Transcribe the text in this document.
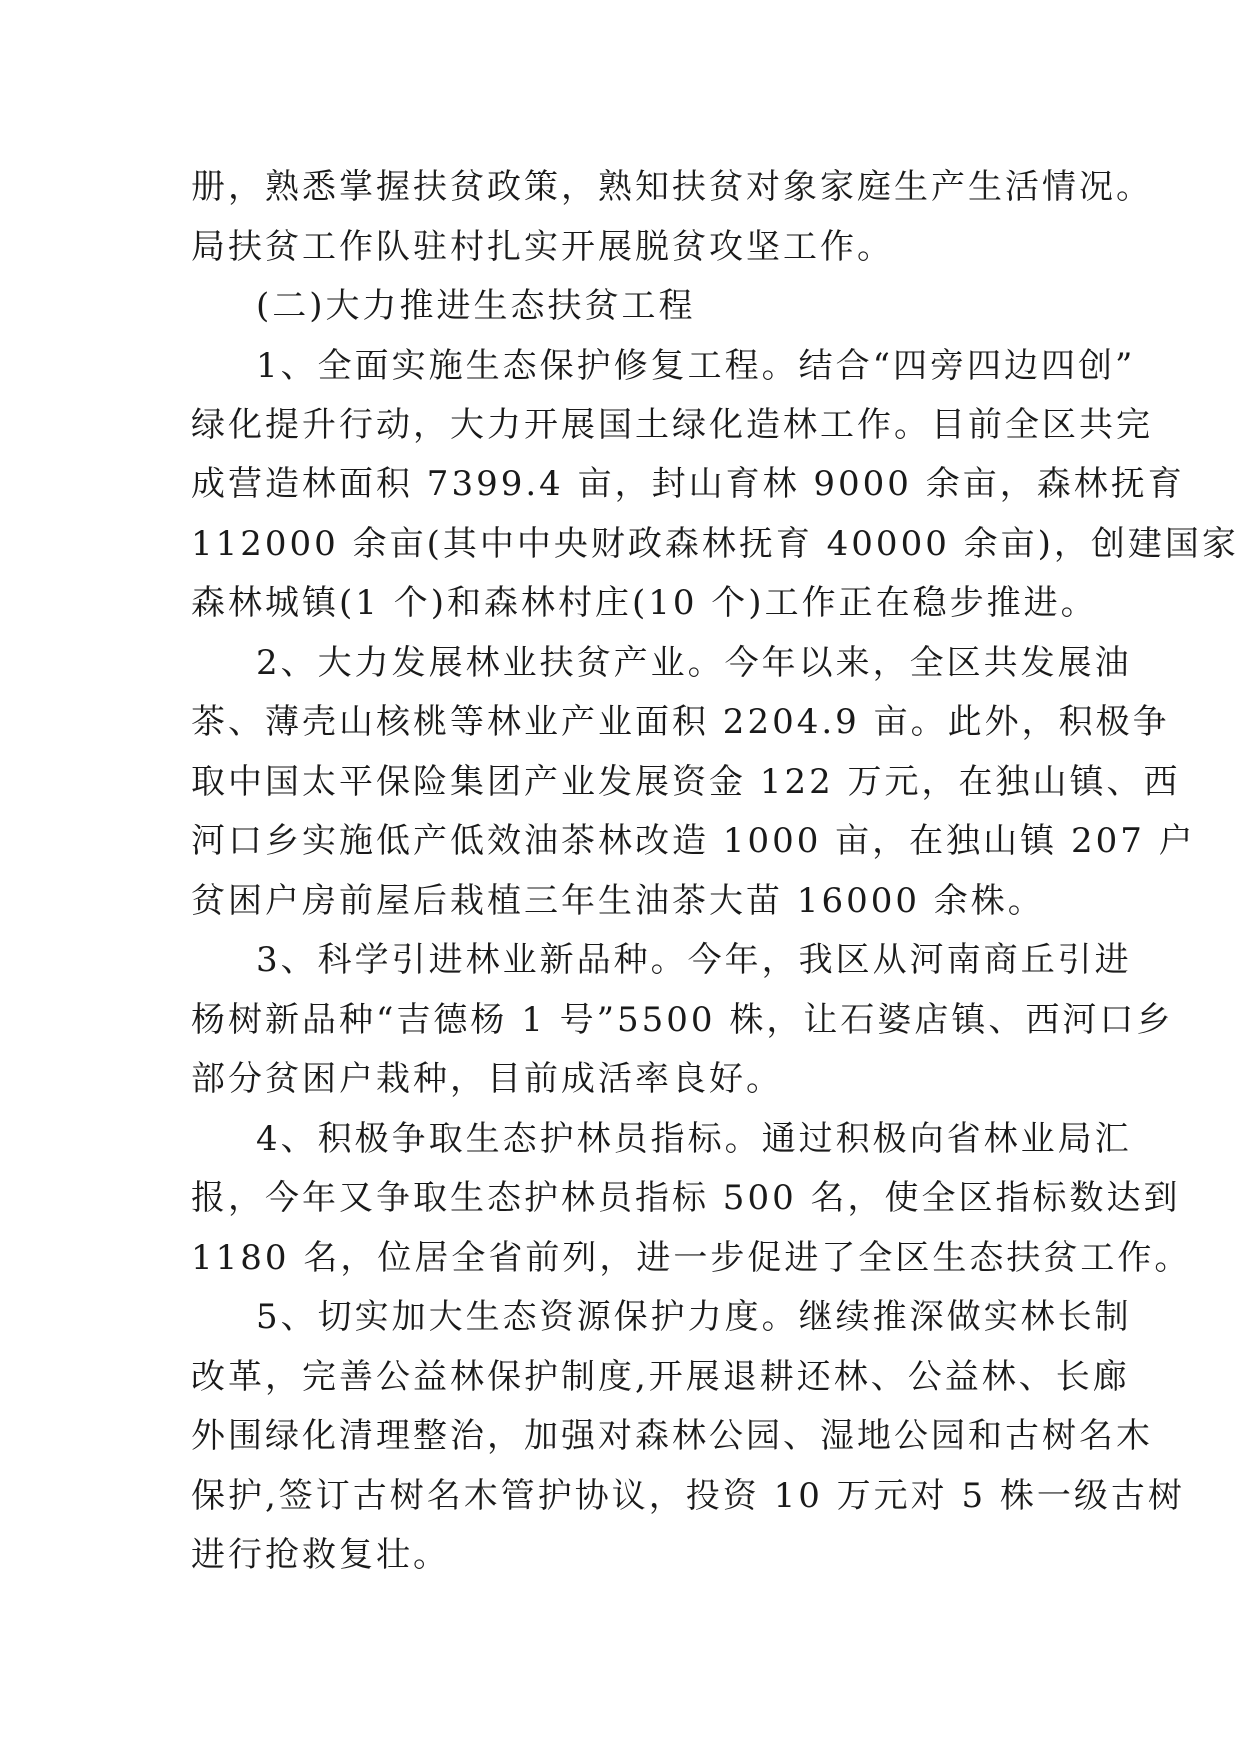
册，熟悉掌握扶贫政策，熟知扶贫对象家庭生产生活情况。
局扶贫工作队驻村扎实开展脱贫攻坚工作。
(二)大力推进生态扶贫工程
1、全面实施生态保护修复工程。结合“四旁四边四创”
绿化提升行动，大力开展国土绿化造林工作。目前全区共完
成营造林面积 7399.4 亩，封山育林 9000 余亩，森林抚育
112000 余亩(其中中央财政森林抚育 40000 余亩)，创建国家
森林城镇(1 个)和森林村庄(10 个)工作正在稳步推进。
2、大力发展林业扶贫产业。今年以来，全区共发展油
茶、薄壳山核桃等林业产业面积 2204.9 亩。此外，积极争
取中国太平保险集团产业发展资金 122 万元，在独山镇、西
河口乡实施低产低效油茶林改造 1000 亩，在独山镇 207 户
贫困户房前屋后栽植三年生油茶大苗 16000 余株。
3、科学引进林业新品种。今年，我区从河南商丘引进
杨树新品种“吉德杨 1 号”5500 株，让石婆店镇、西河口乡
部分贫困户栽种，目前成活率良好。
4、积极争取生态护林员指标。通过积极向省林业局汇
报，今年又争取生态护林员指标 500 名，使全区指标数达到
1180 名，位居全省前列，进一步促进了全区生态扶贫工作。
5、切实加大生态资源保护力度。继续推深做实林长制
改革，完善公益林保护制度,开展退耕还林、公益林、长廊
外围绿化清理整治，加强对森林公园、湿地公园和古树名木
保护,签订古树名木管护协议，投资 10 万元对 5 株一级古树
进行抢救复壮。
